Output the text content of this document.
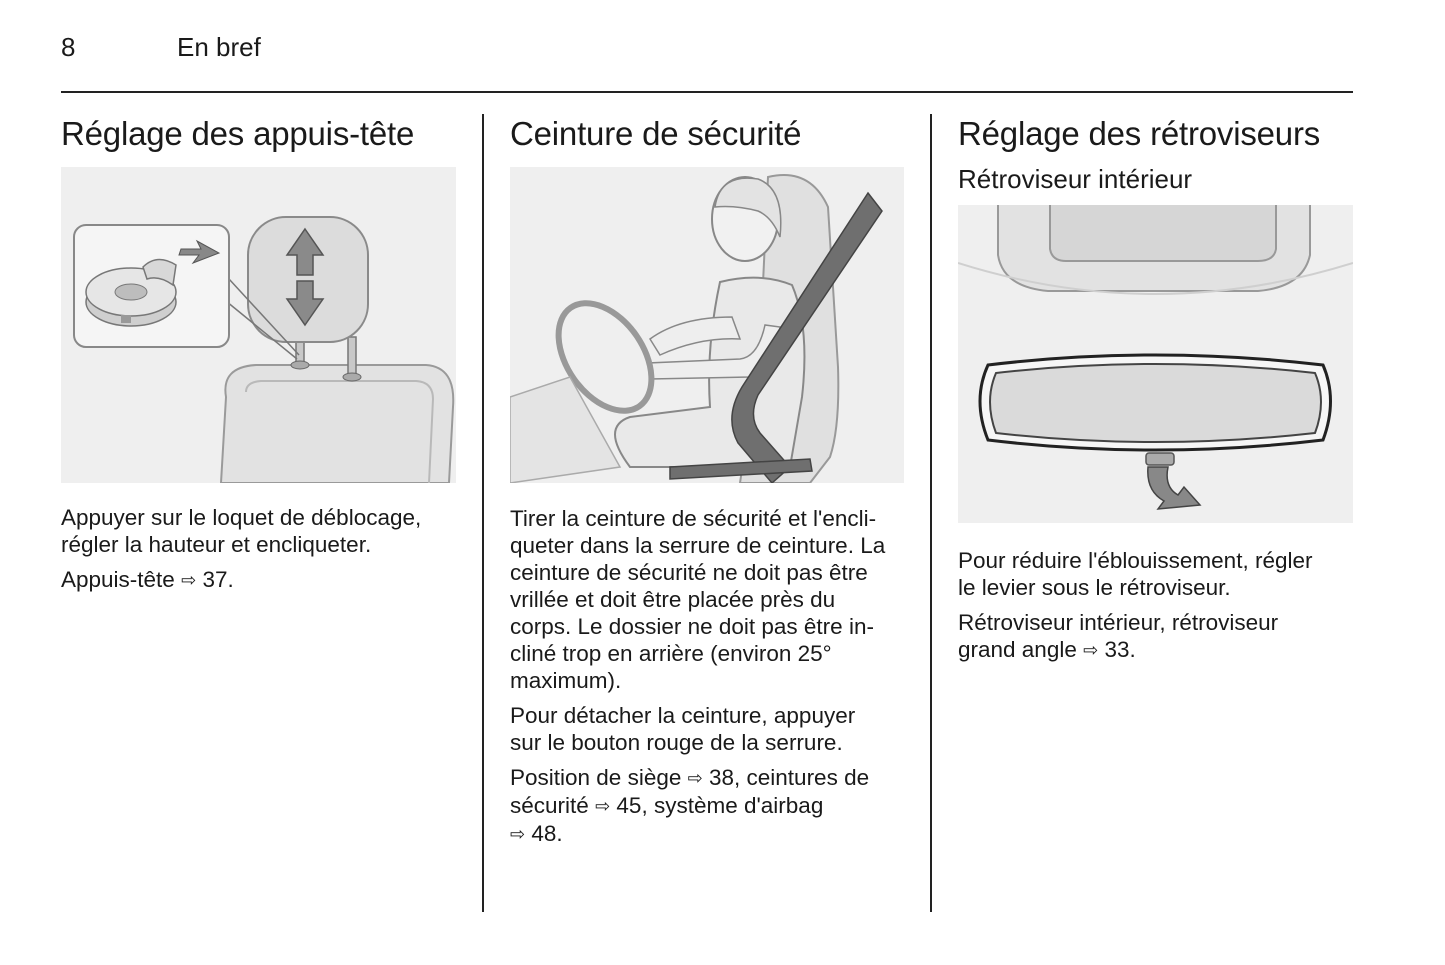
8	En bref
Réglage des appuis-tête

Appuyer sur le loquet de déblocage, régler la hauteur et encliqueter.

Appuis-tête ⇨ 37.

Ceinture de sécurité

Tirer la ceinture de sécurité et l'encli-
queter dans la serrure de ceinture. La
ceinture de sécurité ne doit pas être
vrillée et doit être placée près du
corps. Le dossier ne doit pas être in-
cliné trop en arrière (environ 25°
maximum).

Pour détacher la ceinture, appuyer
sur le bouton rouge de la serrure.

Position de siège ⇨ 38, ceintures de
sécurité ⇨ 45, système d'airbag
⇨ 48.

Réglage des rétroviseurs
Rétroviseur intérieur

Pour réduire l'éblouissement, régler
le levier sous le rétroviseur.

Rétroviseur intérieur, rétroviseur
grand angle ⇨ 33.
